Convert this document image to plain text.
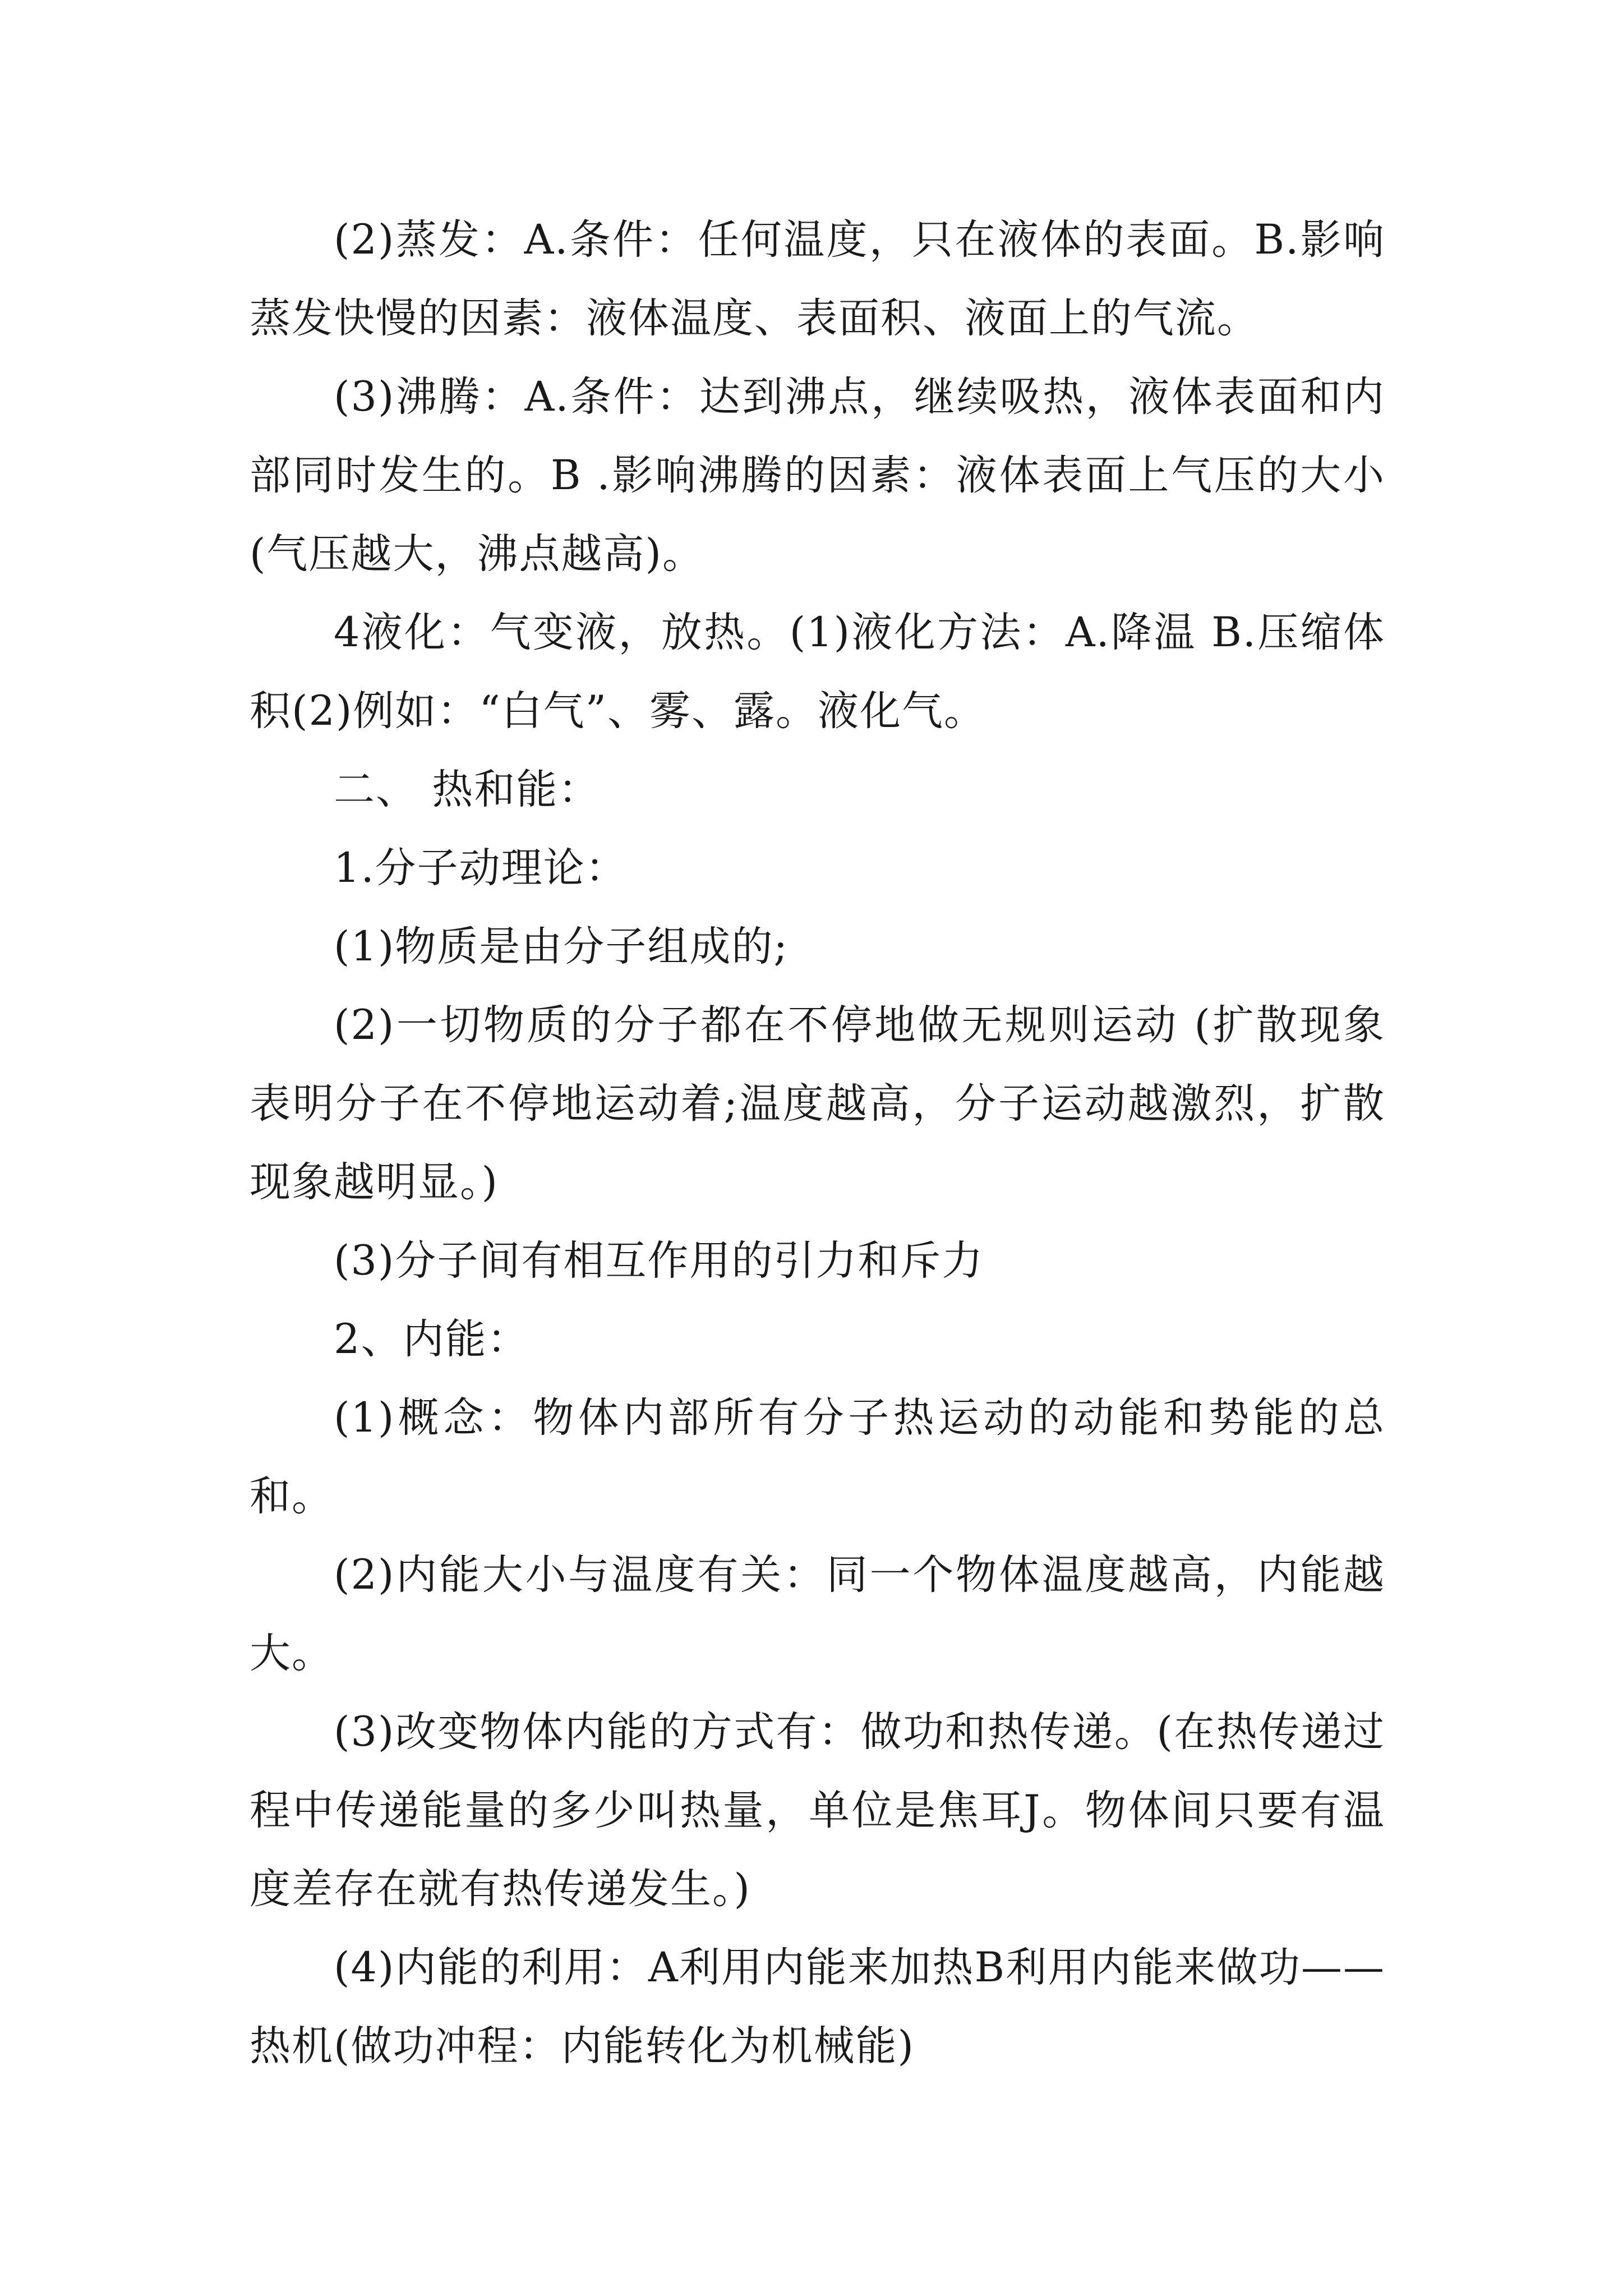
(2)蒸发：A.条件：任何温度，只在液体的表面。B.影响蒸发快慢的因素：液体温度、表面积、液面上的气流。

(3)沸腾：A.条件：达到沸点，继续吸热，液体表面和内部同时发生的。B .影响沸腾的因素：液体表面上气压的大小(气压越大，沸点越高)。

4液化：气变液，放热。(1)液化方法：A.降温 B.压缩体积(2)例如：“白气”、雾、露。液化气。

二、 热和能：

1.分子动理论：

(1)物质是由分子组成的;

(2)一切物质的分子都在不停地做无规则运动 (扩散现象表明分子在不停地运动着;温度越高，分子运动越激烈，扩散现象越明显。)

(3)分子间有相互作用的引力和斥力

2、内能：

(1)概念：物体内部所有分子热运动的动能和势能的总和。

(2)内能大小与温度有关：同一个物体温度越高，内能越大。

(3)改变物体内能的方式有：做功和热传递。(在热传递过程中传递能量的多少叫热量，单位是焦耳J。物体间只要有温度差存在就有热传递发生。)

(4)内能的利用：A利用内能来加热B利用内能来做功——热机(做功冲程：内能转化为机械能)
